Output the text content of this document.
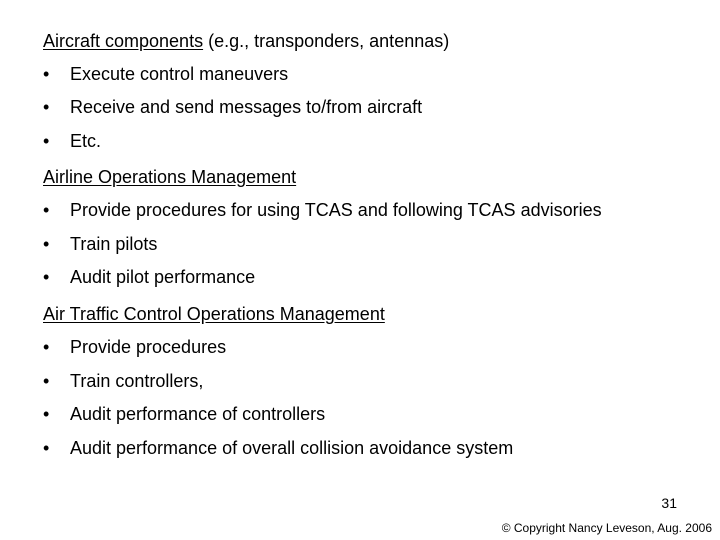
Aircraft components (e.g., transponders, antennas)
• Execute control maneuvers
• Receive and send messages to/from aircraft
• Etc.
Airline Operations Management
• Provide procedures for using TCAS and following TCAS advisories
• Train pilots
• Audit pilot performance
Air Traffic Control Operations Management
• Provide procedures
• Train controllers,
• Audit performance of controllers
• Audit performance of overall collision avoidance system
31
© Copyright Nancy Leveson, Aug. 2006
